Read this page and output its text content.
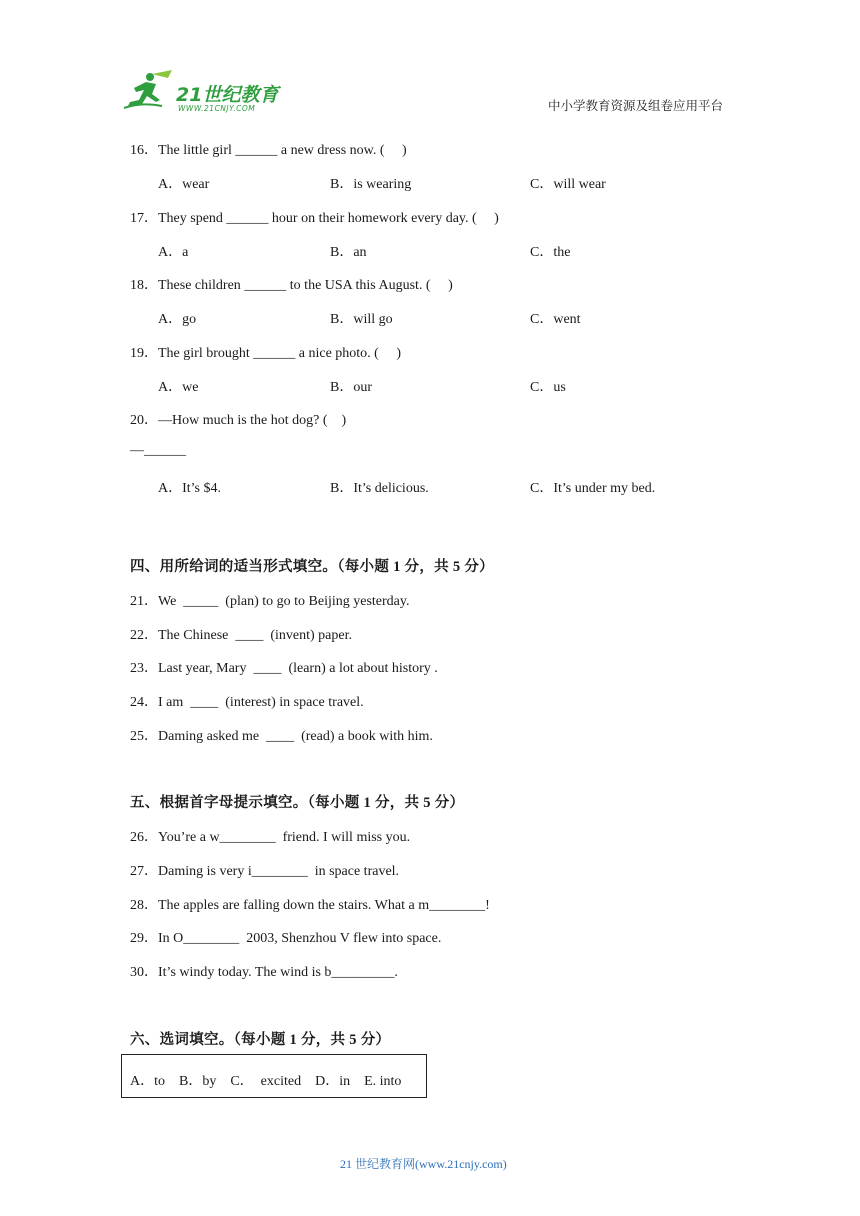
21世纪教育
WWW.21CNJY.COM	中小学教育资源及组卷应用平台
16．The little girl ______ a new dress now. (　 )
A．wear	B．is wearing	C．will wear
17．They spend ______ hour on their homework every day. (　 )
A．a	B．an	C．the
18．These children ______ to the USA this August. (　 )
A．go	B．will go	C．went
19．The girl brought ______ a nice photo. (　 )
A．we	B．our	C．us
20．—How much is the hot dog? (　)
—______
A．It’s $4.	B．It’s delicious.	C．It’s under my bed.
四、用所给词的适当形式填空。（每小题 1 分，共 5 分）
21．We  _____  (plan) to go to Beijing yesterday.
22．The Chinese  ____  (invent) paper.
23．Last year, Mary  ____  (learn) a lot about history .
24．I am  ____  (interest) in space travel.
25．Daming asked me  ____  (read) a book with him.
五、根据首字母提示填空。（每小题 1 分，共 5 分）
26．You’re a w________  friend. I will miss you.
27．Daming is very i________  in space travel.
28．The apples are falling down the stairs. What a m________!
29．In O________  2003, Shenzhou V flew into space.
30．It’s windy today. The wind is b_________.
六、选词填空。（每小题 1 分，共 5 分）
A．to　B．by　C．　excited　D．in　E. into
21 世纪教育网(www.21cnjy.com)
